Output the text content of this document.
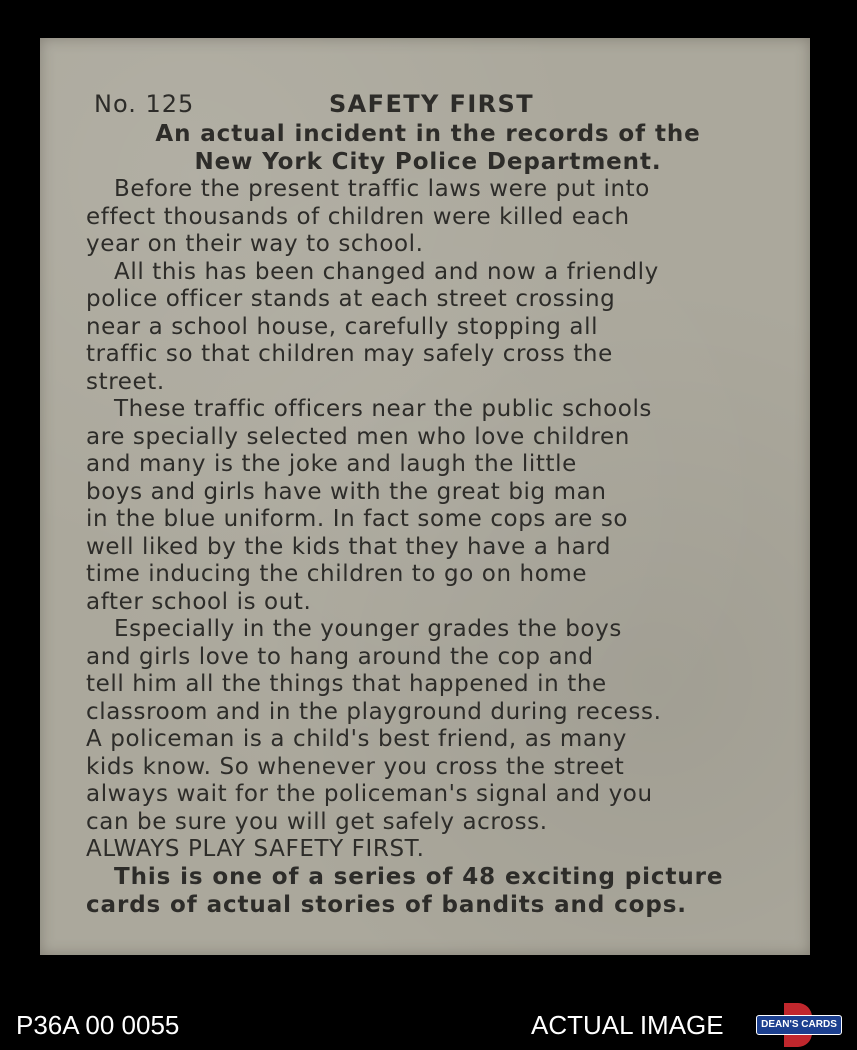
No. 125	SAFETY FIRST

An actual incident in the records of the

New York City Police Department.

Before the present traffic laws were put into

effect thousands of children were killed each

year on their way to school.

All this has been changed and now a friendly

police officer stands at each street crossing

near a school house, carefully stopping all

traffic so that children may safely cross the

street.

These traffic officers near the public schools

are specially selected men who love children

and many is the joke and laugh the little

boys and girls have with the great big man

in the blue uniform. In fact some cops are so

well liked by the kids that they have a hard

time inducing the children to go on home

after school is out.

Especially in the younger grades the boys

and girls love to hang around the cop and

tell him all the things that happened in the

classroom and in the playground during recess.

A policeman is a child's best friend, as many

kids know. So whenever you cross the street

always wait for the policeman's signal and you

can be sure you will get safely across.

ALWAYS PLAY SAFETY FIRST.

This is one of a series of 48 exciting picture

cards of actual stories of bandits and cops.

P36A 00 0055	ACTUAL IMAGE	DEAN'S CARDS
